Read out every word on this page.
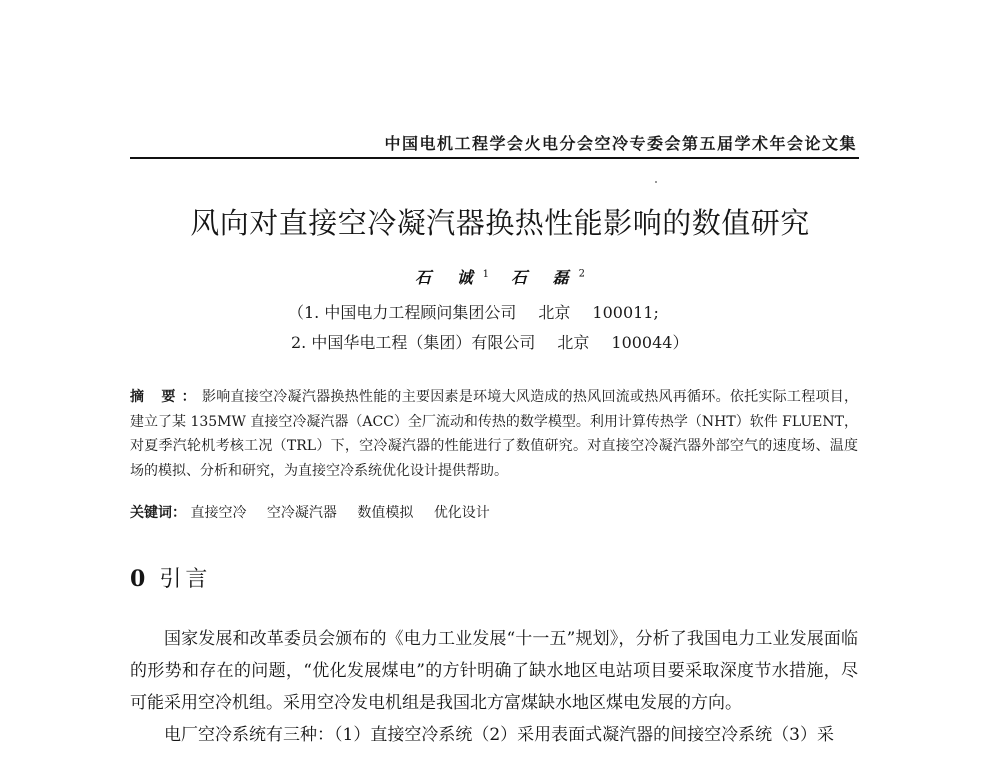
中国电机工程学会火电分会空冷专委会第五届学术年会论文集
风向对直接空冷凝汽器换热性能影响的数值研究
石 诚$^1$ 石 磊$^2$
（1. 中国电力工程顾问集团公司 北京 100011;
2. 中国华电工程（集团）有限公司 北京 100044）
摘 要：影响直接空冷凝汽器换热性能的主要因素是环境大风造成的热风回流或热风再循环。依托实际工程项目，建立了某 135MW 直接空冷凝汽器（ACC）全厂流动和传热的数学模型。利用计算传热学（NHT）软件 FLUENT，对夏季汽轮机考核工况（TRL）下，空冷凝汽器的性能进行了数值研究。对直接空冷凝汽器外部空气的速度场、温度场的模拟、分析和研究，为直接空冷系统优化设计提供帮助。
关键词： 直接空冷 空冷凝汽器 数值模拟 优化设计
0 引言

国家发展和改革委员会颁布的《电力工业发展“十一五”规划》，分析了我国电力工业发展面临的形势和存在的问题，“优化发展煤电”的方针明确了缺水地区电站项目要采取深度节水措施，尽可能采用空冷机组。采用空冷发电机组是我国北方富煤缺水地区煤电发展的方向。

电厂空冷系统有三种：（1）直接空冷系统（2）采用表面式凝汽器的间接空冷系统（3）采
